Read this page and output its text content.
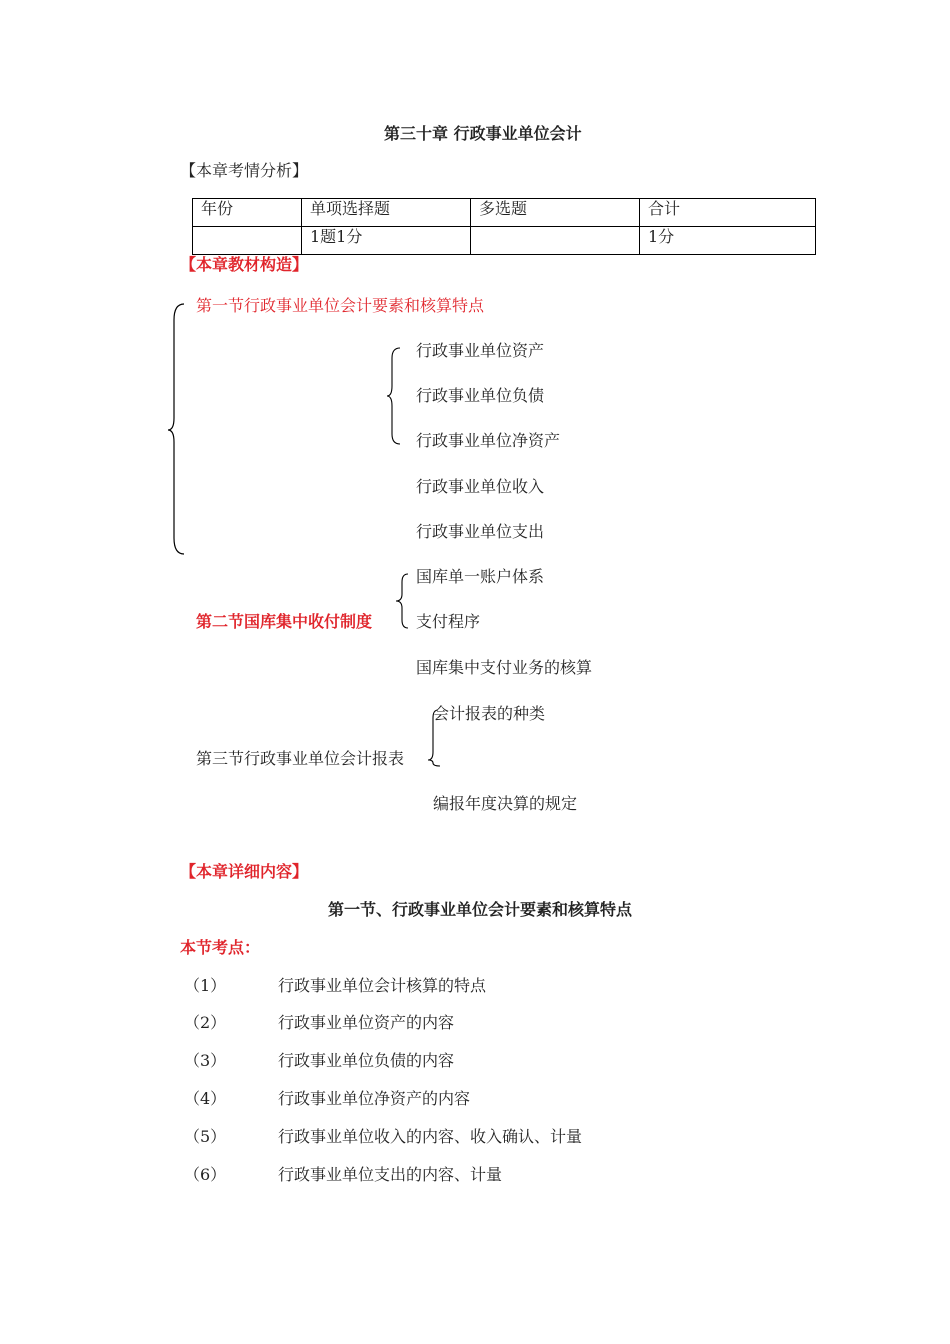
第三十章 行政事业单位会计
【本章考情分析】
年份	单项选择题	多选题	合计
	1题1分		1分
【本章教材构造】
第一节行政事业单位会计要素和核算特点
行政事业单位资产
行政事业单位负债
行政事业单位净资产
行政事业单位收入
行政事业单位支出
国库单一账户体系
第二节国库集中收付制度	支付程序
国库集中支付业务的核算
会计报表的种类
第三节行政事业单位会计报表
编报年度决算的规定
【本章详细内容】
第一节、行政事业单位会计要素和核算特点
本节考点：
（1）	行政事业单位会计核算的特点
（2）	行政事业单位资产的内容
（3）	行政事业单位负债的内容
（4）	行政事业单位净资产的内容
（5）	行政事业单位收入的内容、收入确认、计量
（6）	行政事业单位支出的内容、计量
